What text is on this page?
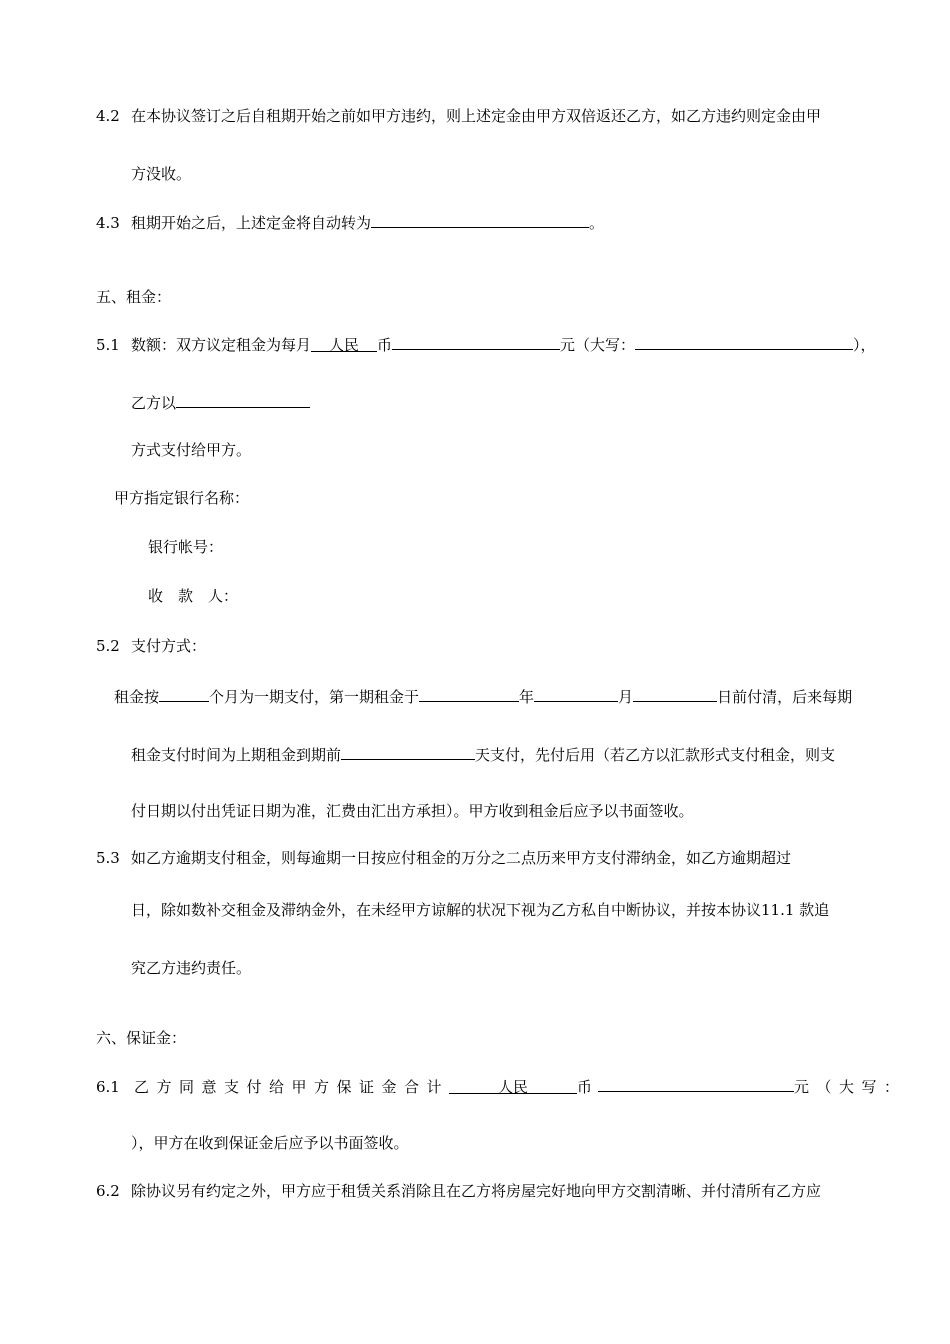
4.2 在本协议签订之后自租期开始之前如甲方违约，则上述定金由甲方双倍返还乙方，如乙方违约则定金由甲
方没收。
4.3 租期开始之后，上述定金将自动转为	。
五、租金：
5.1 数额：双方议定租金为每月 人民 币	元（大写：	），
乙方以
方式支付给甲方。
甲方指定银行名称：
银行帐号：
收　款　人：
5.2 支付方式：
租金按	个月为一期支付，第一期租金于	年	月	日前付清，后来每期
租金支付时间为上期租金到期前	天支付，先付后用（若乙方以汇款形式支付租金，则支
付日期以付出凭证日期为准，汇费由汇出方承担）。甲方收到租金后应予以书面签收。
5.3 如乙方逾期支付租金，则每逾期一日按应付租金的万分之二点历来甲方支付滞纳金，如乙方逾期超过
日，除如数补交租金及滞纳金外，在未经甲方谅解的状况下视为乙方私自中断协议，并按本协议11.1 款追
究乙方违约责任。
六、保证金：
6.1 乙方同意支付给甲方保证金合计	人民	币	元（大写：
），甲方在收到保证金后应予以书面签收。
6.2 除协议另有约定之外，甲方应于租赁关系消除且在乙方将房屋完好地向甲方交割清晰、并付清所有乙方应
